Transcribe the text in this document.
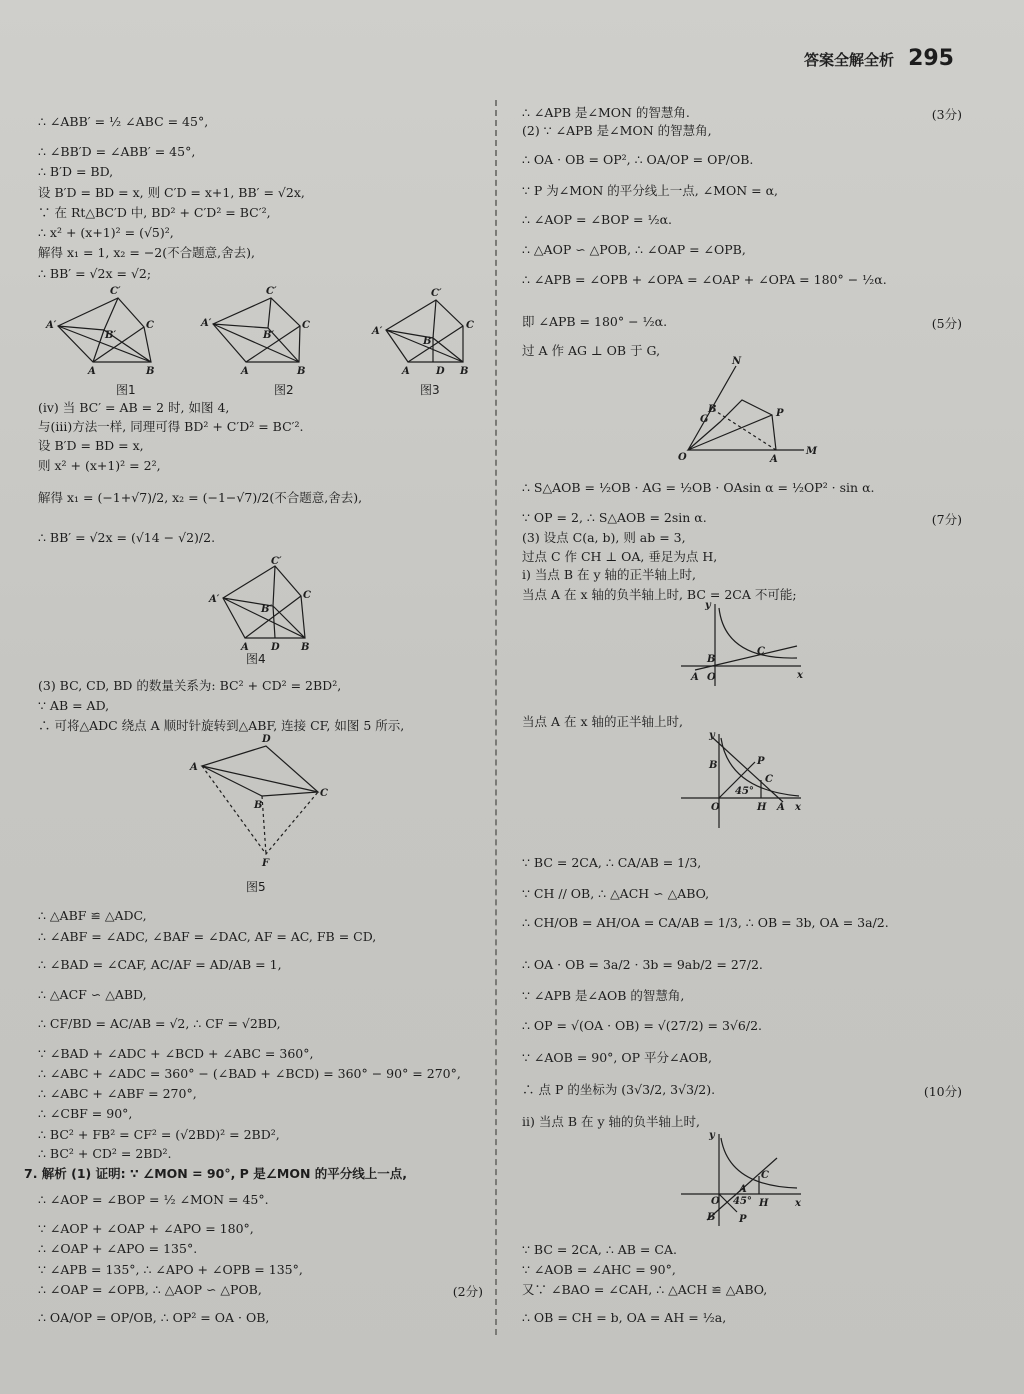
答案全解全析 295
∴ ∠ABB′ = ½ ∠ABC = 45°,
∴ ∠BB′D = ∠ABB′ = 45°,
∴ B′D = BD,
设 B′D = BD = x, 则 C′D = x+1, BB′ = √2x,
∵ 在 Rt△BC′D 中, BD² + C′D² = BC′²,
∴ x² + (x+1)² = (√5)²,
解得 x₁ = 1, x₂ = −2(不合题意,舍去),
∴ BB′ = √2x = √2;
C′
A′	C
B′
A	B
C′
A′	C
B′
A	B
C′
A′
C
B′
A	D B
图1	图2	图3
(iv) 当 BC′ = AB = 2 时, 如图 4,
与(iii)方法一样, 同理可得 BD² + C′D² = BC′².
设 B′D = BD = x,
则 x² + (x+1)² = 2²,
解得 x₁ = (−1+√7)/2, x₂ = (−1−√7)/2(不合题意,舍去),
∴ BB′ = √2x = (√14 − √2)/2.
C′
A′	C
B′
A D B
图4
(3) BC, CD, BD 的数量关系为: BC² + CD² = 2BD²,
∵ AB = AD,
∴ 可将△ADC 绕点 A 顺时针旋转到△ABF, 连接 CF, 如图 5 所示,
D
A
C
B
F
图5
∴ △ABF ≌ △ADC,
∴ ∠ABF = ∠ADC, ∠BAF = ∠DAC, AF = AC, FB = CD,
∴ ∠BAD = ∠CAF, AC/AF = AD/AB = 1,
∴ △ACF ∽ △ABD,
∴ CF/BD = AC/AB = √2, ∴ CF = √2BD,
∵ ∠BAD + ∠ADC + ∠BCD + ∠ABC = 360°,
∴ ∠ABC + ∠ADC = 360° − (∠BAD + ∠BCD) = 360° − 90° = 270°,
∴ ∠ABC + ∠ABF = 270°,
∴ ∠CBF = 90°,
∴ BC² + FB² = CF² = (√2BD)² = 2BD²,
∴ BC² + CD² = 2BD².
7. 解析 (1) 证明: ∵ ∠MON = 90°, P 是∠MON 的平分线上一点,
∴ ∠AOP = ∠BOP = ½ ∠MON = 45°.
∵ ∠AOP + ∠OAP + ∠APO = 180°,
∴ ∠OAP + ∠APO = 135°.
∵ ∠APB = 135°, ∴ ∠APO + ∠OPB = 135°,
∴ ∠OAP = ∠OPB, ∴ △AOP ∽ △POB,	(2分)
∴ OA/OP = OP/OB, ∴ OP² = OA · OB,
∴ ∠APB 是∠MON 的智慧角.	(3分)
(2) ∵ ∠APB 是∠MON 的智慧角,
∴ OA · OB = OP², ∴ OA/OP = OP/OB.
∵ P 为∠MON 的平分线上一点, ∠MON = α,
∴ ∠AOP = ∠BOP = ½α.
∴ △AOP ∽ △POB, ∴ ∠OAP = ∠OPB,
∴ ∠APB = ∠OPB + ∠OPA = ∠OAP + ∠OPA = 180° − ½α.
即 ∠APB = 180° − ½α.	(5分)
过 A 作 AG ⊥ OB 于 G,
N
B
G
P
O	A
M
∴ S△AOB = ½OB · AG = ½OB · OAsin α = ½OP² · sin α.
∵ OP = 2, ∴ S△AOB = 2sin α.	(7分)
(3) 设点 C(a, b), 则 ab = 3,
过点 C 作 CH ⊥ OA, 垂足为点 H,
i) 当点 B 在 y 轴的正半轴上时,
当点 A 在 x 轴的负半轴上时, BC = 2CA 不可能;
y
x
B
C
A O
当点 A 在 x 轴的正半轴上时,
y
x
B	P
C
45°
O	H A
∵ BC = 2CA, ∴ CA/AB = 1/3,
∵ CH // OB, ∴ △ACH ∽ △ABO,
∴ CH/OB = AH/OA = CA/AB = 1/3, ∴ OB = 3b, OA = 3a/2.
∴ OA · OB = 3a/2 · 3b = 9ab/2 = 27/2.
∵ ∠APB 是∠AOB 的智慧角,
∴ OP = √(OA · OB) = √(27/2) = 3√6/2.
∵ ∠AOB = 90°, OP 平分∠AOB,
∴ 点 P 的坐标为 (3√3/2, 3√3/2).	(10分)
ii) 当点 B 在 y 轴的负半轴上时,
y
x
C
A
45° H
O
B P
∵ BC = 2CA, ∴ AB = CA.
∵ ∠AOB = ∠AHC = 90°,
又∵ ∠BAO = ∠CAH, ∴ △ACH ≌ △ABO,
∴ OB = CH = b, OA = AH = ½a,
